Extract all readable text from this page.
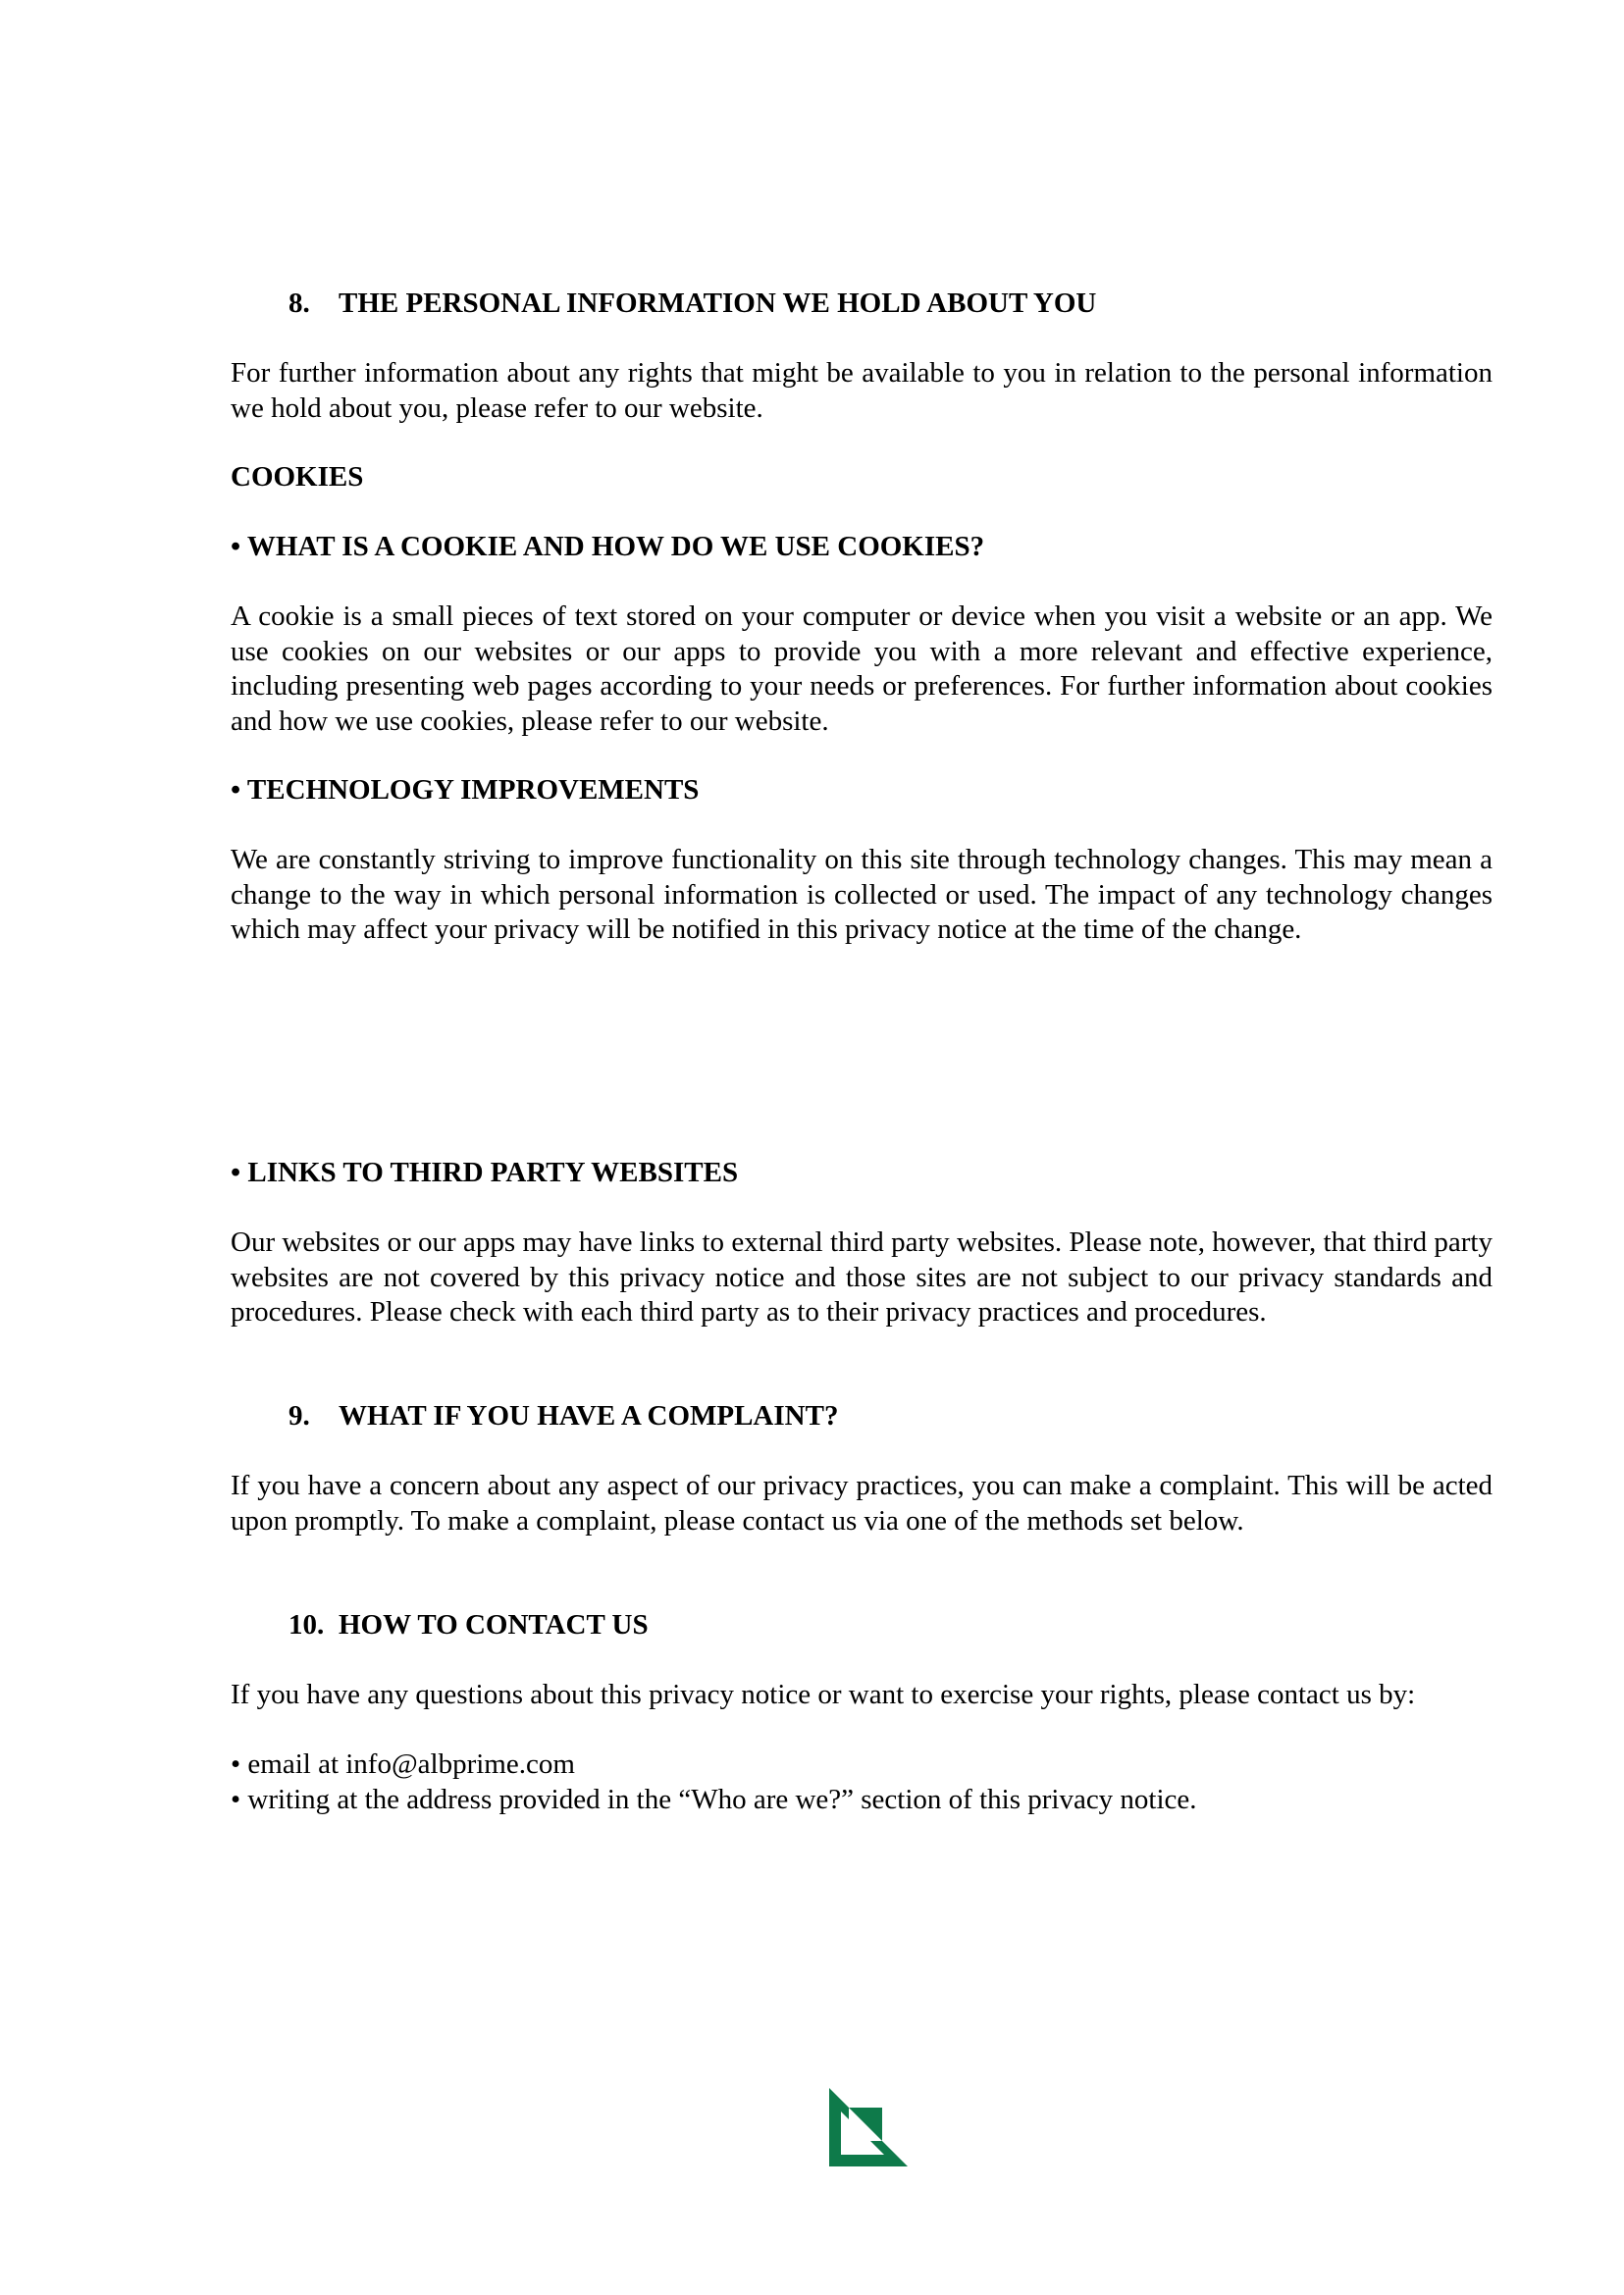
8. THE PERSONAL INFORMATION WE HOLD ABOUT YOU

For further information about any rights that might be available to you in relation to the personal information we hold about you, please refer to our website.

COOKIES

• WHAT IS A COOKIE AND HOW DO WE USE COOKIES?

A cookie is a small pieces of text stored on your computer or device when you visit a website or an app. We use cookies on our websites or our apps to provide you with a more relevant and effective experience, including presenting web pages according to your needs or preferences. For further information about cookies and how we use cookies, please refer to our website.

• TECHNOLOGY IMPROVEMENTS

We are constantly striving to improve functionality on this site through technology changes. This may mean a change to the way in which personal information is collected or used. The impact of any technology changes which may affect your privacy will be notified in this privacy notice at the time of the change.

• LINKS TO THIRD PARTY WEBSITES

Our websites or our apps may have links to external third party websites. Please note, however, that third party websites are not covered by this privacy notice and those sites are not subject to our privacy standards and procedures. Please check with each third party as to their privacy practices and procedures.

9. WHAT IF YOU HAVE A COMPLAINT?

If you have a concern about any aspect of our privacy practices, you can make a complaint. This will be acted upon promptly. To make a complaint, please contact us via one of the methods set below.

10. HOW TO CONTACT US

If you have any questions about this privacy notice or want to exercise your rights, please contact us by:

• email at info@albprime.com

• writing at the address provided in the “Who are we?” section of this privacy notice.
